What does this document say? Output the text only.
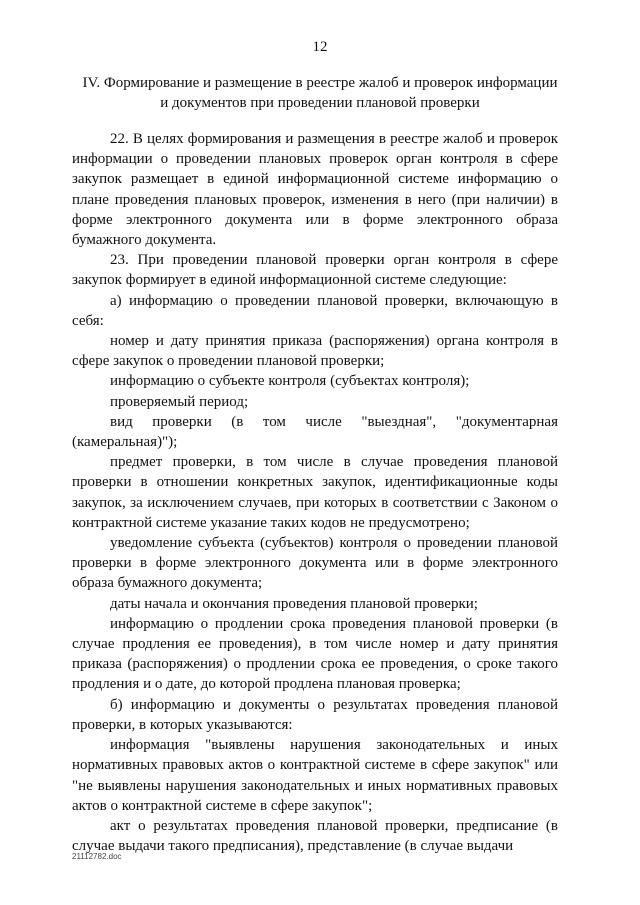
12
IV. Формирование и размещение в реестре жалоб и проверок информации
и документов при проведении плановой проверки

22. В целях формирования и размещения в реестре жалоб и проверок информации о проведении плановых проверок орган контроля в сфере закупок размещает в единой информационной системе информацию о плане проведения плановых проверок, изменения в него (при наличии) в форме электронного документа или в форме электронного образа бумажного документа.

23. При проведении плановой проверки орган контроля в сфере закупок формирует в единой информационной системе следующие:

а) информацию о проведении плановой проверки, включающую в себя:

номер и дату принятия приказа (распоряжения) органа контроля в сфере закупок о проведении плановой проверки;

информацию о субъекте контроля (субъектах контроля);

проверяемый период;

вид проверки (в том числе "выездная", "документарная (камеральная)");

предмет проверки, в том числе в случае проведения плановой проверки в отношении конкретных закупок, идентификационные коды закупок, за исключением случаев, при которых в соответствии с Законом о контрактной системе указание таких кодов не предусмотрено;

уведомление субъекта (субъектов) контроля о проведении плановой проверки в форме электронного документа или в форме электронного образа бумажного документа;

даты начала и окончания проведения плановой проверки;

информацию о продлении срока проведения плановой проверки (в случае продления ее проведения), в том числе номер и дату принятия приказа (распоряжения) о продлении срока ее проведения, о сроке такого продления и о дате, до которой продлена плановая проверка;

б) информацию и документы о результатах проведения плановой проверки, в которых указываются:

информация "выявлены нарушения законодательных и иных нормативных правовых актов о контрактной системе в сфере закупок" или "не выявлены нарушения законодательных и иных нормативных правовых актов о контрактной системе в сфере закупок";

акт о результатах проведения плановой проверки, предписание (в случае выдачи такого предписания), представление (в случае выдачи

21112782.doc
